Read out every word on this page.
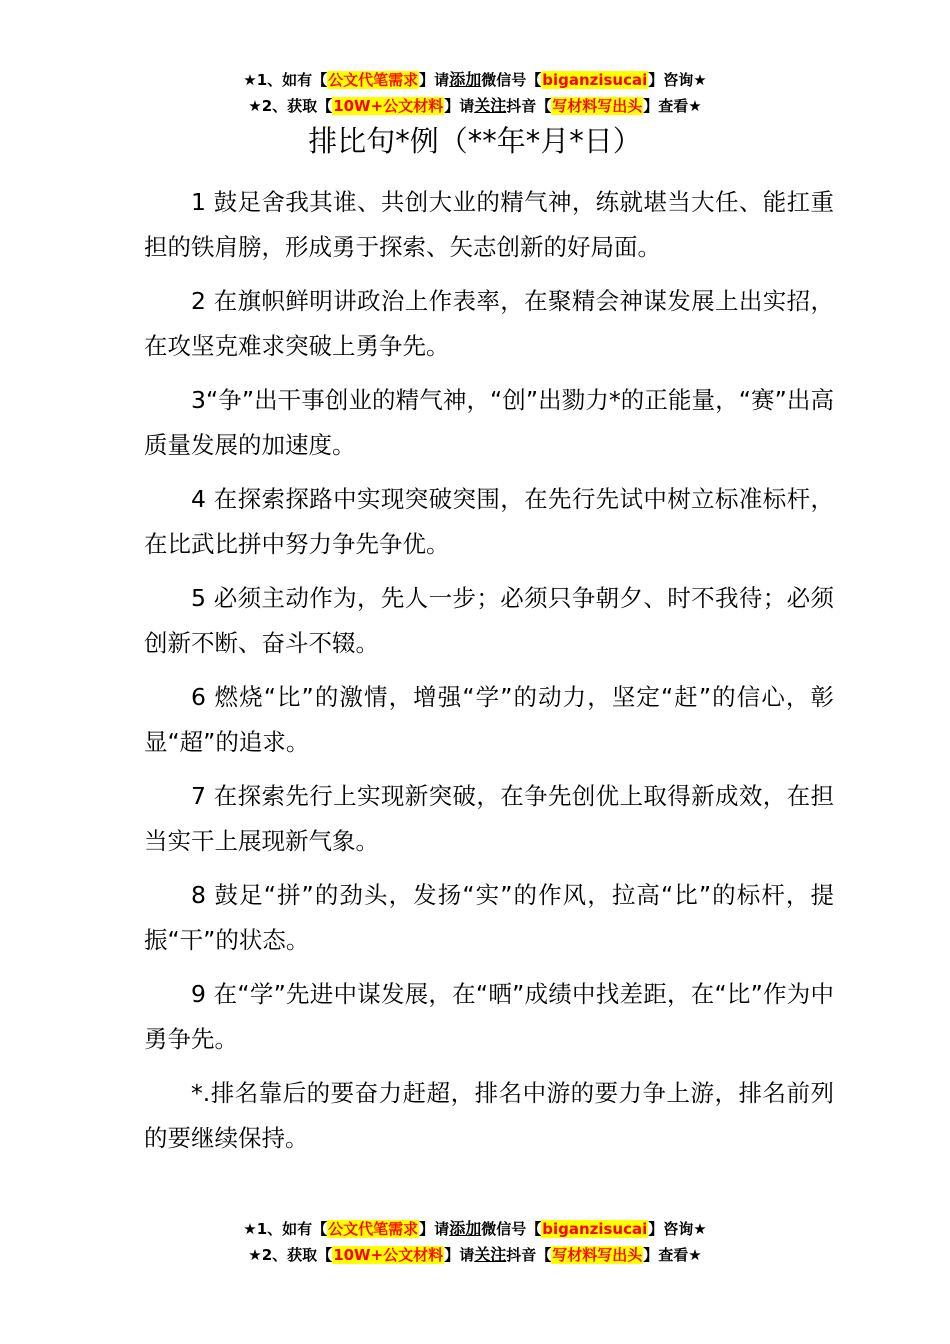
★1、如有【公文代笔需求】请添加微信号【biganzisucai】咨询★
★2、获取【10W+公文材料】请关注抖音【写材料写出头】查看★
排比句*例（**年*月*日）

1 鼓足舍我其谁、共创大业的精气神，练就堪当大任、能扛重担的铁肩膀，形成勇于探索、矢志创新的好局面。

2 在旗帜鲜明讲政治上作表率，在聚精会神谋发展上出实招，在攻坚克难求突破上勇争先。

3“争”出干事创业的精气神，“创”出勠力*的正能量，“赛”出高质量发展的加速度。

4 在探索探路中实现突破突围，在先行先试中树立标准标杆，在比武比拼中努力争先争优。

5 必须主动作为，先人一步；必须只争朝夕、时不我待；必须创新不断、奋斗不辍。

6 燃烧“比”的激情，增强“学”的动力，坚定“赶”的信心，彰显“超”的追求。

7 在探索先行上实现新突破，在争先创优上取得新成效，在担当实干上展现新气象。

8 鼓足“拼”的劲头，发扬“实”的作风，拉高“比”的标杆，提振“干”的状态。

9 在“学”先进中谋发展，在“晒”成绩中找差距，在“比”作为中勇争先。

*.排名靠后的要奋力赶超，排名中游的要力争上游，排名前列的要继续保持。

★1、如有【公文代笔需求】请添加微信号【biganzisucai】咨询★
★2、获取【10W+公文材料】请关注抖音【写材料写出头】查看★
